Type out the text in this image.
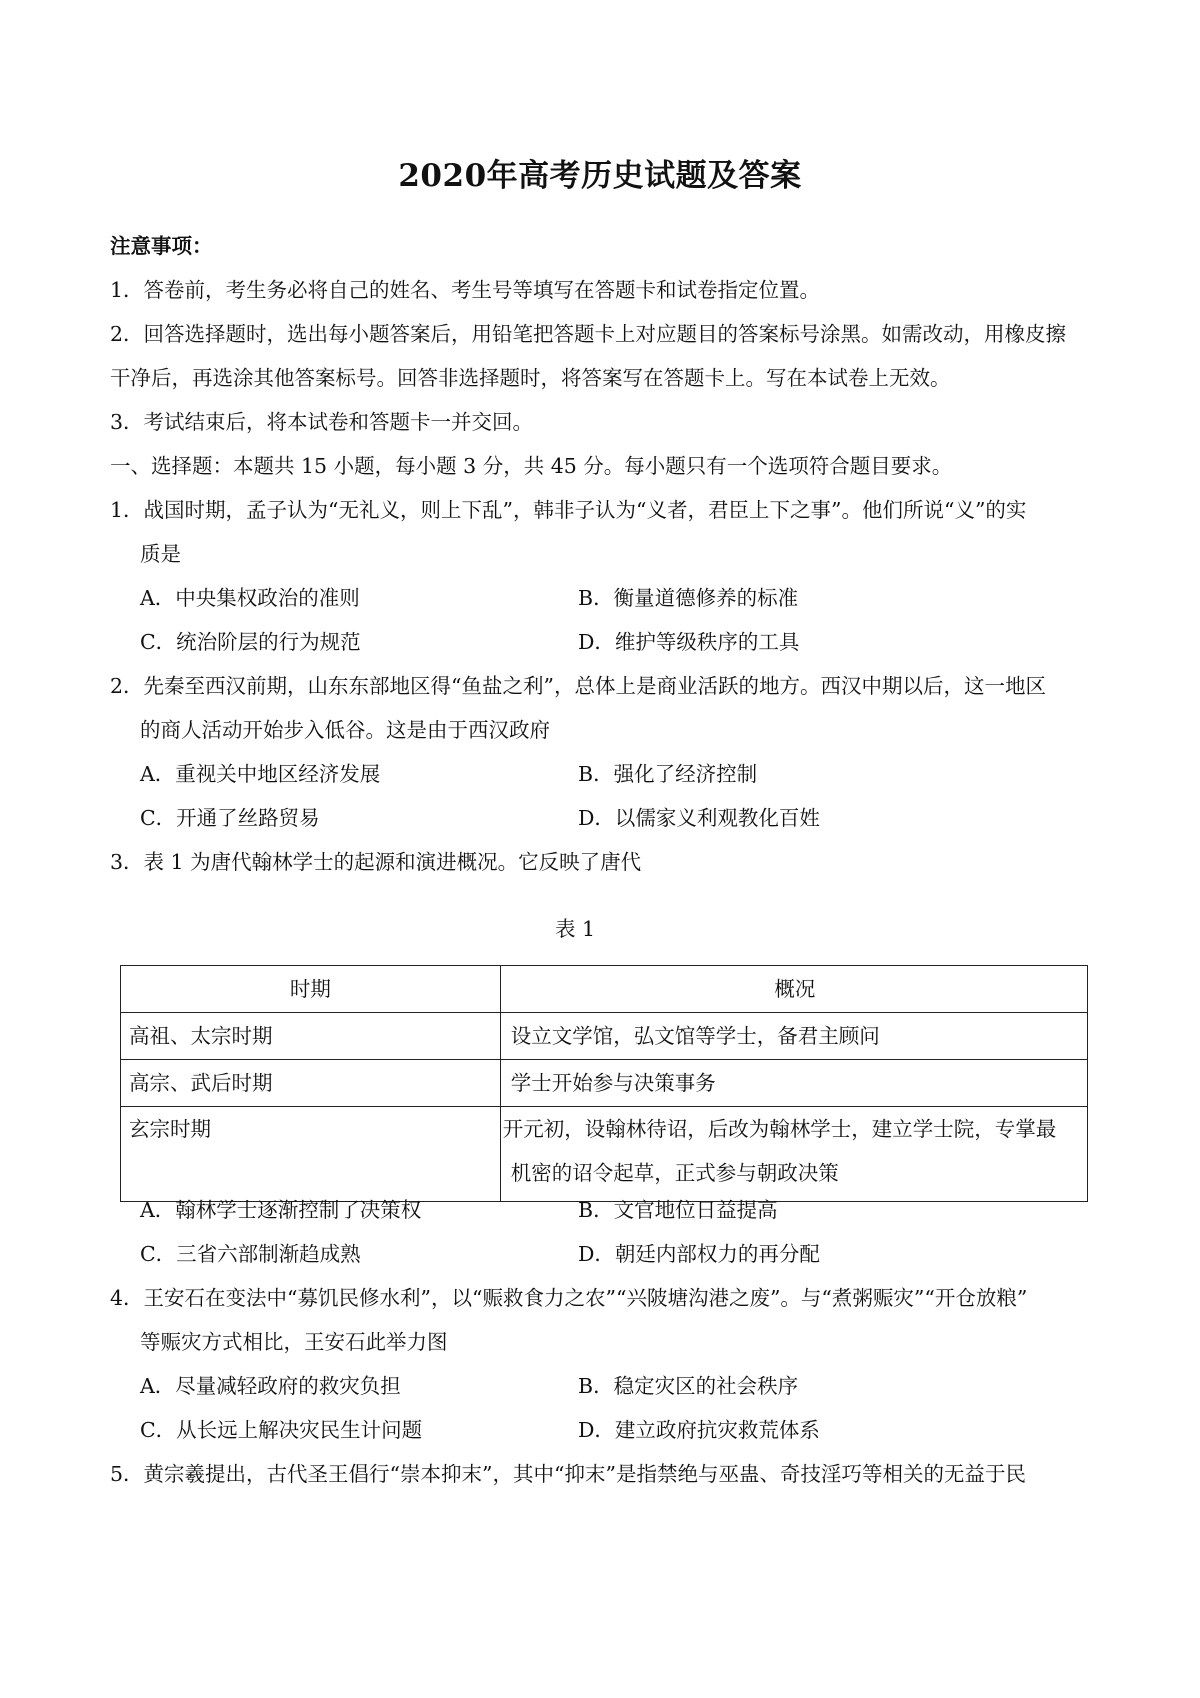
2020年高考历史试题及答案
注意事项：
1．答卷前，考生务必将自己的姓名、考生号等填写在答题卡和试卷指定位置。
2．回答选择题时，选出每小题答案后，用铅笔把答题卡上对应题目的答案标号涂黑。如需改动，用橡皮擦
干净后，再选涂其他答案标号。回答非选择题时，将答案写在答题卡上。写在本试卷上无效。
3．考试结束后，将本试卷和答题卡一并交回。
一、选择题：本题共 15 小题，每小题 3 分，共 45 分。每小题只有一个选项符合题目要求。
1．战国时期，孟子认为“无礼义，则上下乱”，韩非子认为“义者，君臣上下之事”。他们所说“义”的实
质是
A．中央集权政治的准则	B．衡量道德修养的标准
C．统治阶层的行为规范	D．维护等级秩序的工具
2．先秦至西汉前期，山东东部地区得“鱼盐之利”，总体上是商业活跃的地方。西汉中期以后，这一地区
的商人活动开始步入低谷。这是由于西汉政府
A．重视关中地区经济发展	B．强化了经济控制
C．开通了丝路贸易	D．以儒家义利观教化百姓
3．表 1 为唐代翰林学士的起源和演进概况。它反映了唐代
表 1
时期	概况
高祖、太宗时期	设立文学馆，弘文馆等学士，备君主顾问
高宗、武后时期	学士开始参与决策事务
玄宗时期	开元初，设翰林待诏，后改为翰林学士，建立学士院，专掌最
机密的诏令起草，正式参与朝政决策
A．翰林学士逐渐控制了决策权	B．文官地位日益提高
C．三省六部制渐趋成熟	D．朝廷内部权力的再分配
4．王安石在变法中“募饥民修水利”，以“赈救食力之农”“兴陂塘沟港之废”。与“煮粥赈灾”“开仓放粮”
等赈灾方式相比，王安石此举力图
A．尽量减轻政府的救灾负担	B．稳定灾区的社会秩序
C．从长远上解决灾民生计问题	D．建立政府抗灾救荒体系
5．黄宗羲提出，古代圣王倡行“崇本抑末”，其中“抑末”是指禁绝与巫蛊、奇技淫巧等相关的无益于民
